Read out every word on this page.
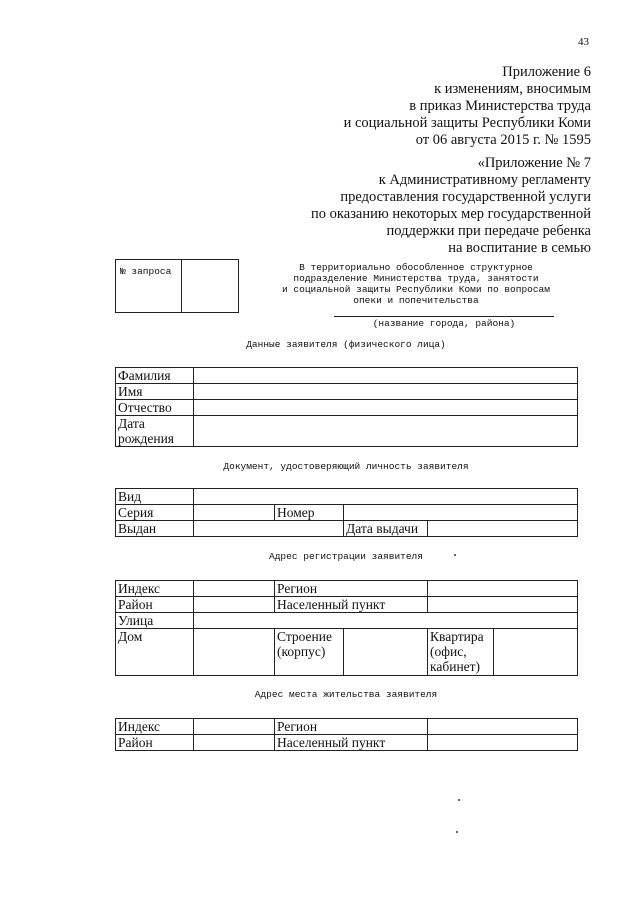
43
Приложение 6
к изменениям, вносимым
в приказ Министерства труда
и социальной защиты Республики Коми
от 06 августа 2015 г. № 1595
«Приложение № 7
к Административному регламенту
предоставления государственной услуги
по оказанию некоторых мер государственной
поддержки при передаче ребенка
на воспитание в семью
№ запроса	В территориально обособленное структурное
подразделение Министерства труда, занятости
и социальной защиты Республики Коми по вопросам
опеки и попечительства
(название города, района)
Данные заявителя (физического лица)
Фамилия	
Имя	
Отчество	
Дата рождения	
Документ, удостоверяющий личность заявителя
Вид				
Серия		Номер		
Выдан			Дата выдачи	
Адрес регистрации заявителя
Индекс		Регион			
Район		Населенный пункт			
Улица					
Дом		Строение (корпус)		Квартира (офис, кабинет)	
Адрес места жительства заявителя
Индекс		Регион	
Район		Населенный пункт	
